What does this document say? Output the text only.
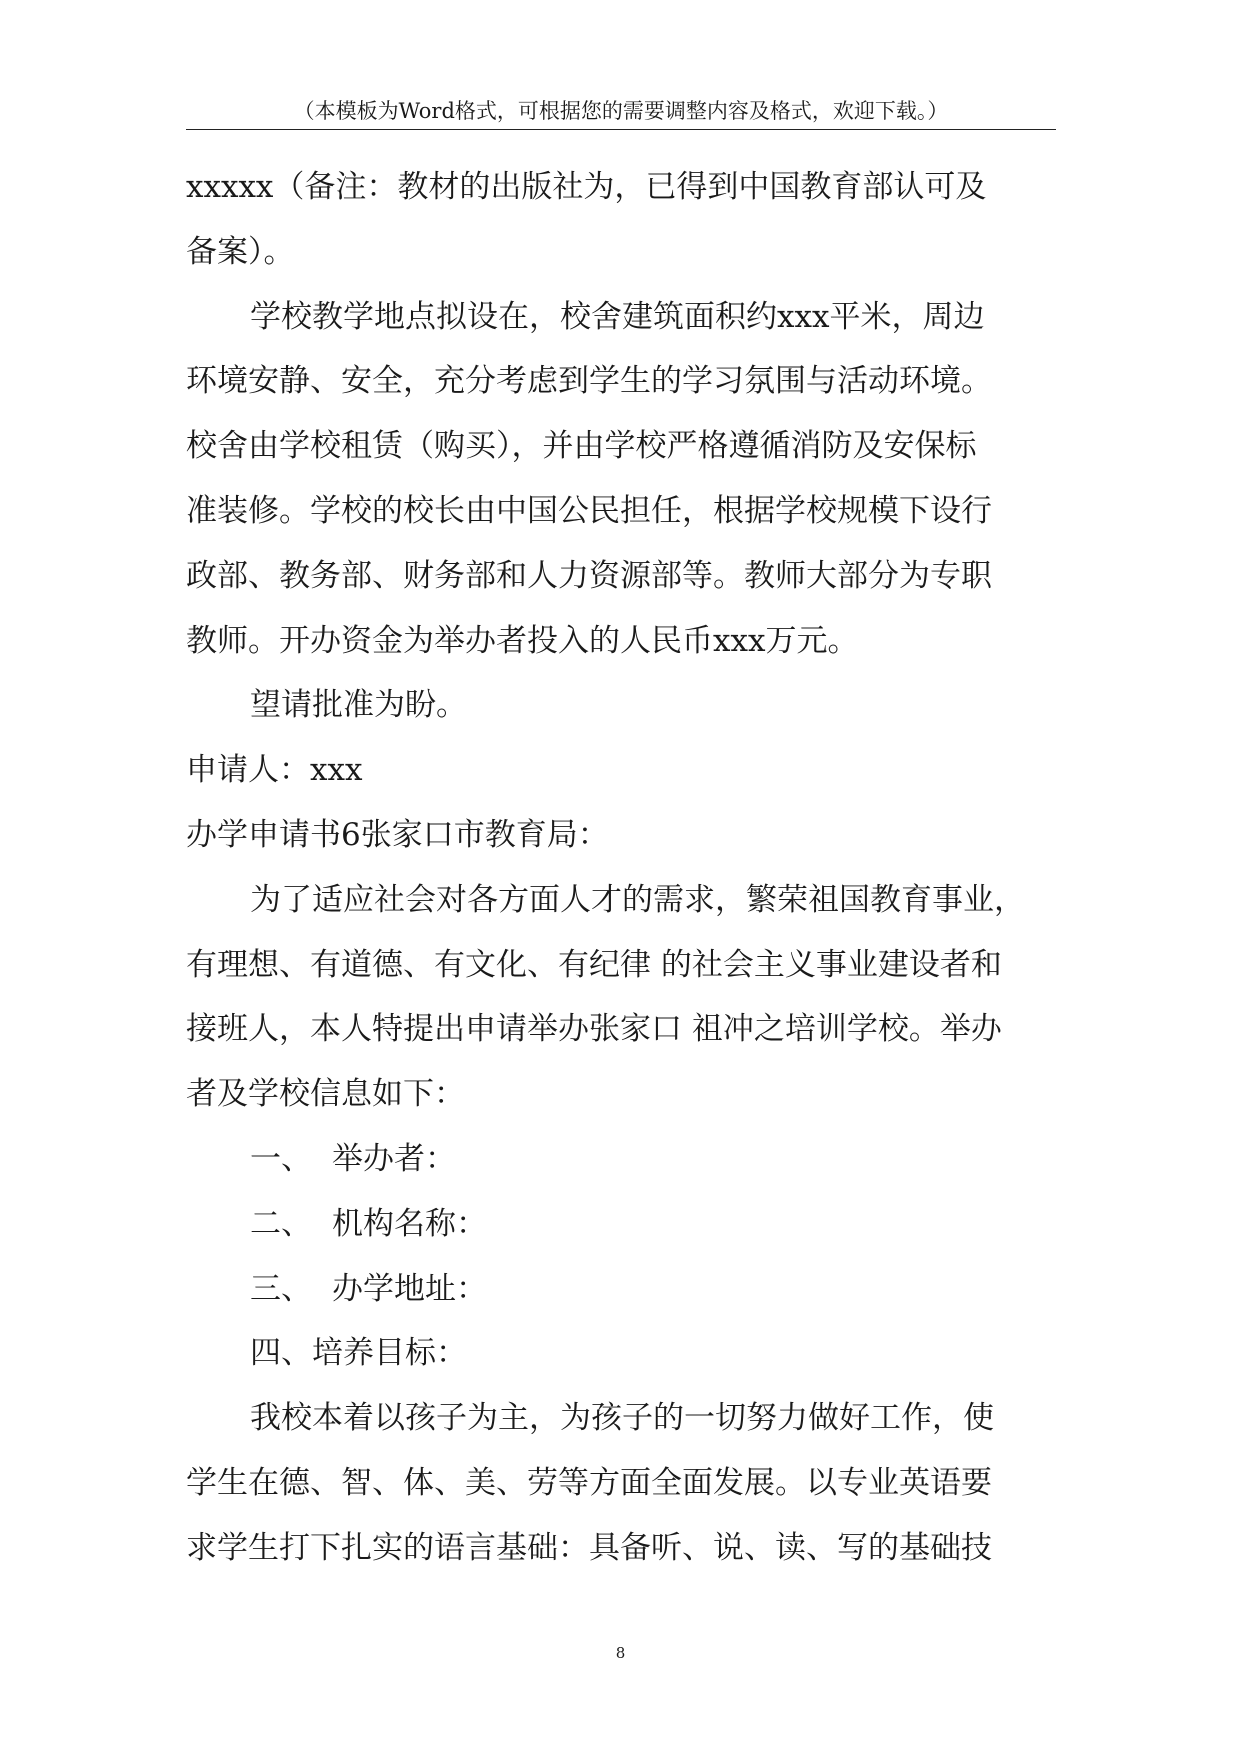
（本模板为Word格式，可根据您的需要调整内容及格式，欢迎下载。）
xxxxx（备注：教材的出版社为，已得到中国教育部认可及
备案）。
学校教学地点拟设在，校舍建筑面积约xxx平米，周边
环境安静、安全，充分考虑到学生的学习氛围与活动环境。
校舍由学校租赁（购买），并由学校严格遵循消防及安保标
准装修。学校的校长由中国公民担任，根据学校规模下设行
政部、教务部、财务部和人力资源部等。教师大部分为专职
教师。开办资金为举办者投入的人民币xxx万元。
望请批准为盼。
申请人：xxx
办学申请书6张家口市教育局：
为了适应社会对各方面人才的需求，繁荣祖国教育事业，
有理想、有道德、有文化、有纪律 的社会主义事业建设者和
接班人，本人特提出申请举办张家口 祖冲之培训学校。举办
者及学校信息如下：
一、 举办者：
二、 机构名称：
三、 办学地址：
四、培养目标：
我校本着以孩子为主，为孩子的一切努力做好工作，使
学生在德、智、体、美、劳等方面全面发展。以专业英语要
求学生打下扎实的语言基础：具备听、说、读、写的基础技
8
